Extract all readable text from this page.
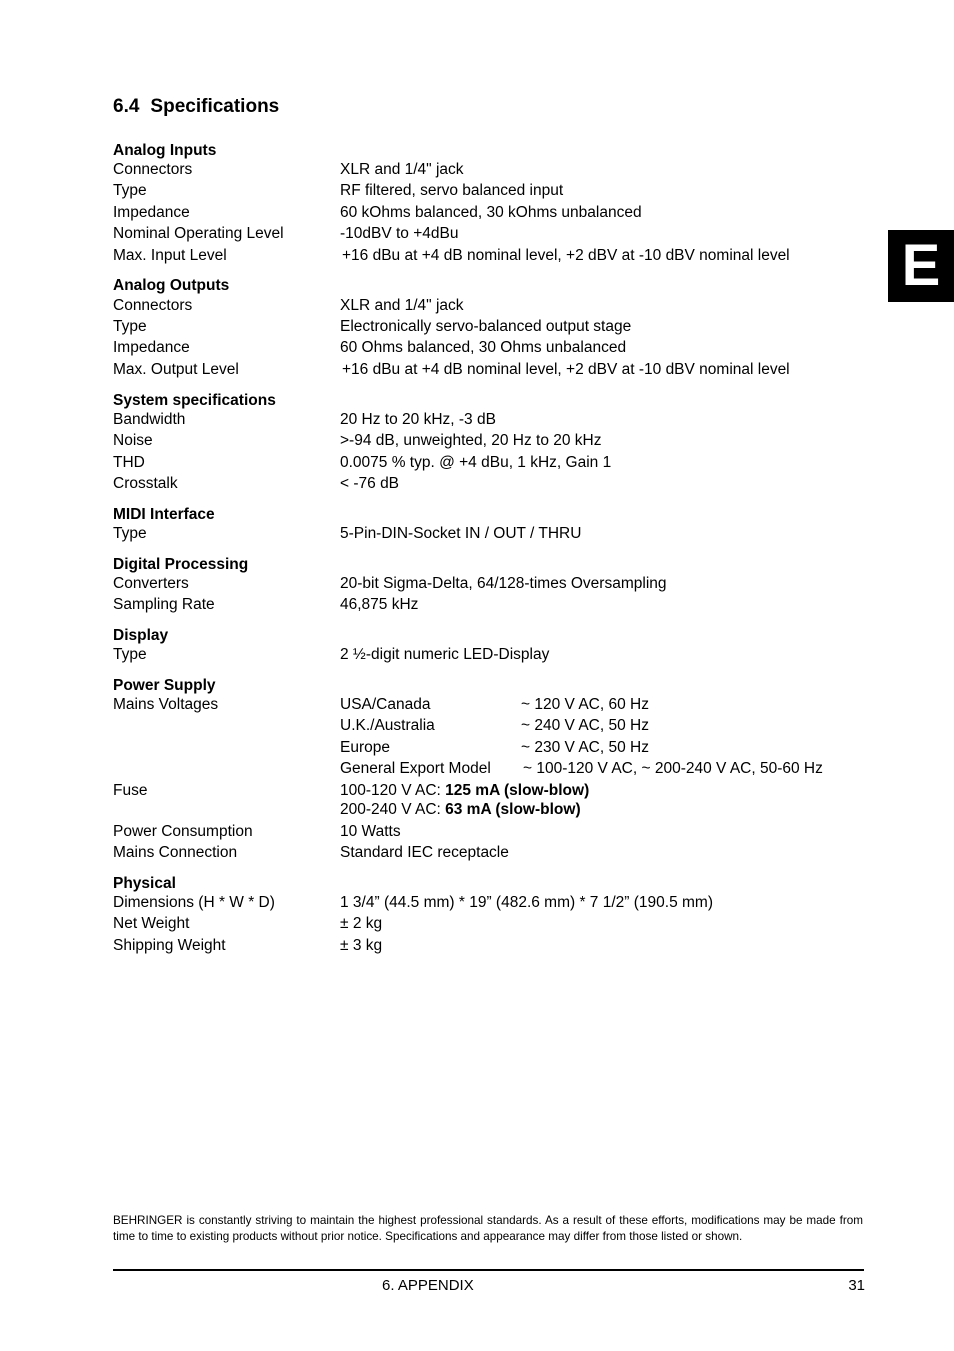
6.4 Specifications
E
Analog Inputs
Connectors	XLR and 1/4" jack
Type	RF filtered, servo balanced input
Impedance	60 kOhms balanced, 30 kOhms unbalanced
Nominal Operating Level	-10dBV to +4dBu
Max. Input Level	+16 dBu at +4 dB nominal level, +2 dBV at -10 dBV nominal level
Analog Outputs
Connectors	XLR and 1/4" jack
Type	Electronically servo-balanced output stage
Impedance	60 Ohms balanced, 30 Ohms unbalanced
Max. Output Level	+16 dBu at +4 dB nominal level, +2 dBV at -10 dBV nominal level
System specifications
Bandwidth	20 Hz to 20 kHz, -3 dB
Noise	>-94 dB, unweighted, 20 Hz to 20 kHz
THD	0.0075 % typ. @ +4 dBu, 1 kHz, Gain 1
Crosstalk	< -76 dB
MIDI Interface
Type	5-Pin-DIN-Socket IN / OUT / THRU
Digital Processing
Converters	20-bit Sigma-Delta, 64/128-times Oversampling
Sampling Rate	46,875 kHz
Display
Type	2 ½-digit numeric LED-Display
Power Supply
Mains Voltages	USA/Canada	~ 120 V AC, 60 Hz
U.K./Australia	~ 240 V AC, 50 Hz
Europe	~ 230 V AC, 50 Hz
General Export Model ~ 100-120 V AC, ~ 200-240 V AC, 50-60 Hz
Fuse	100-120 V AC: 125 mA (slow-blow)
200-240 V AC: 63 mA (slow-blow)
Power Consumption	10 Watts
Mains Connection	Standard IEC receptacle
Physical
Dimensions (H * W * D)	1 3/4” (44.5 mm) * 19” (482.6 mm) * 7 1/2” (190.5 mm)
Net Weight	± 2 kg
Shipping Weight	± 3 kg
BEHRINGER is constantly striving to maintain the highest professional standards. As a result of these efforts, modifications may be made from time to time to existing products without prior notice. Specifications and appearance may differ from those listed or shown.
6. APPENDIX	31
